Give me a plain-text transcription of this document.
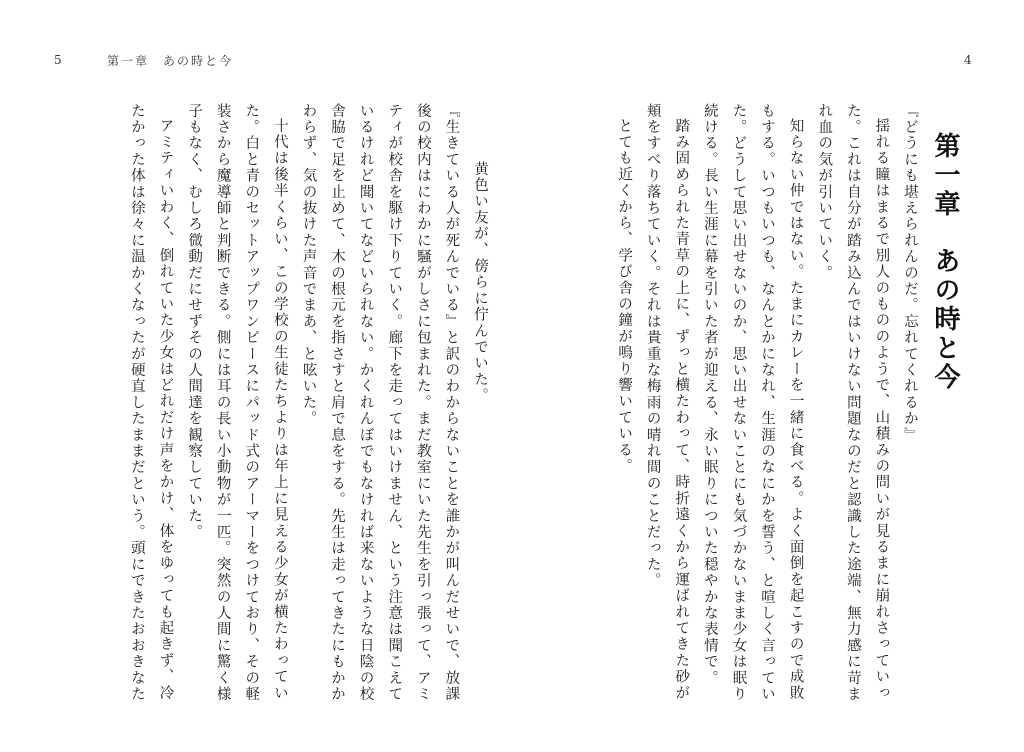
5	第一章　あの時と今

黄色い友が、傍らに佇んでいた。

『生きている人が死んでいる』と訳のわからないことを誰かが叫んだせいで、放課

後の校内はにわかに騒がしさに包まれた。まだ教室にいた先生を引っ張って、アミ

ティが校舎を駆け下りていく。廊下を走ってはいけません、という注意は聞こえて

いるけれど聞いてなどいられない。かくれんぼでもなければ来ないような日陰の校

舎脇で足を止めて、木の根元を指さすと肩で息をする。先生は走ってきたにもかか

わらず、気の抜けた声音でまあ、と呟いた。

十代は後半くらい、この学校の生徒たちよりは年上に見える少女が横たわってい

た。白と青のセットアップワンピースにパッド式のアーマーをつけており、その軽

装さから魔導師と判断できる。側には耳の長い小動物が一匹。突然の人間に驚く様

子もなく、むしろ微動だにせずその人間達を観察していた。

アミティいわく、倒れていた少女はどれだけ声をかけ、体をゆっても起きず、冷

たかった体は徐々に温かくなったが硬直したままだという。頭にできたおおきなた

4
第一章あの時と今

『どうにも堪えられんのだ。忘れてくれるか』

揺れる瞳はまるで別人のもののようで、山積みの問いが見るまに崩れさっていっ

た。これは自分が踏み込んではいけない問題なのだと認識した途端、無力感に苛ま

れ血の気が引いていく。

知らない仲ではない。たまにカレーを一緒に食べる。よく面倒を起こすので成敗

もする。いつもいつも、なんとかになれ、生涯のなにかを誓う、と喧しく言ってい

た。どうして思い出せないのか、思い出せないことにも気づかないまま少女は眠り

続ける。長い生涯に幕を引いた者が迎える、永い眠りについた穏やかな表情で。

踏み固められた青草の上に、ずっと横たわって、時折遠くから運ばれてきた砂が

頬をすべり落ちていく。それは貴重な梅雨の晴れ間のことだった。

とても近くから、学び舎の鐘が鳴り響いている。
